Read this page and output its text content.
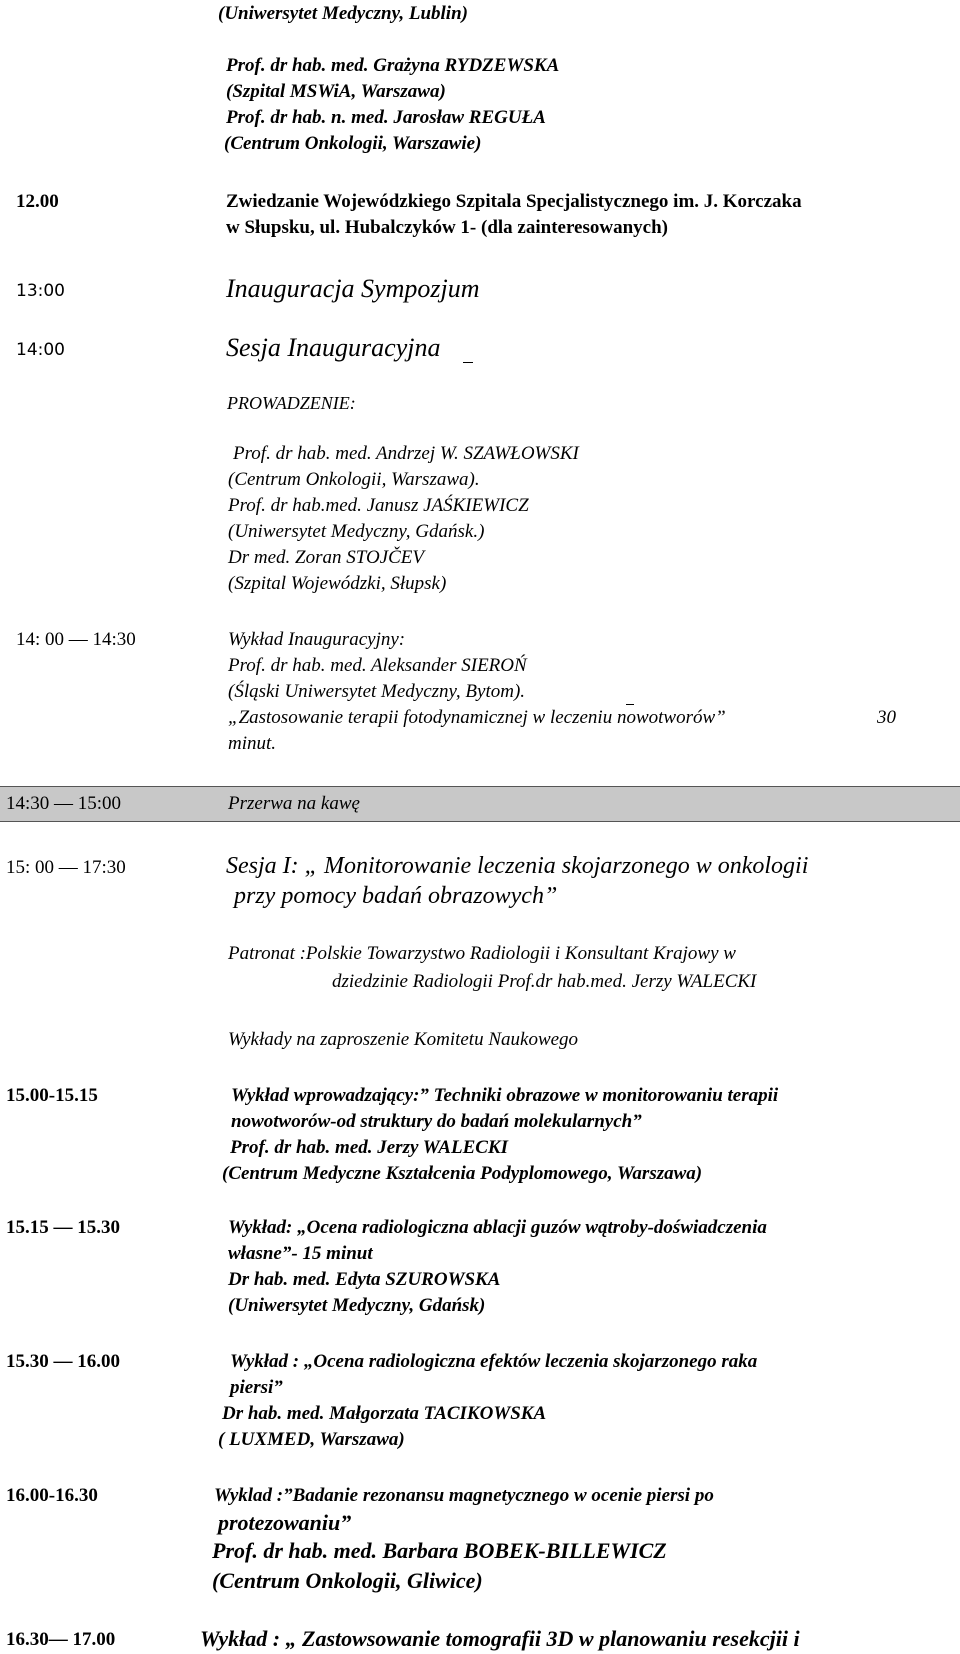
(Uniwersytet Medyczny, Lublin)
Prof. dr hab. med. Grażyna RYDZEWSKA
(Szpital MSWiA, Warszawa)
Prof. dr hab. n. med. Jarosław REGUŁA
(Centrum Onkologii, Warszawie)
12.00	Zwiedzanie Wojewódzkiego Szpitala Specjalistycznego im. J. Korczaka
w Słupsku, ul. Hubalczyków 1- (dla zainteresowanych)
13:00	Inauguracja Sympozjum
14:00	Sesja Inauguracyjna
PROWADZENIE:
Prof. dr hab. med. Andrzej W. SZAWŁOWSKI
(Centrum Onkologii, Warszawa).
Prof. dr hab.med. Janusz JAŚKIEWICZ
(Uniwersytet Medyczny, Gdańsk.)
Dr med. Zoran STOJČEV
(Szpital Wojewódzki, Słupsk)
14: 00 — 14:30	Wykład Inauguracyjny:
Prof. dr hab. med. Aleksander SIEROŃ
(Śląski Uniwersytet Medyczny, Bytom).
„Zastosowanie terapii fotodynamicznej w leczeniu nowotworów”	30
minut.
14:30 — 15:00	Przerwa na kawę
15: 00 — 17:30	Sesja I: „ Monitorowanie leczenia skojarzonego w onkologii
przy pomocy badań obrazowych”
Patronat :Polskie Towarzystwo Radiologii i Konsultant Krajowy w
dziedzinie Radiologii Prof.dr hab.med. Jerzy WALECKI
Wykłady na zaproszenie Komitetu Naukowego
15.00-15.15	Wykład wprowadzający:” Techniki obrazowe w monitorowaniu terapii
nowotworów-od struktury do badań molekularnych”
Prof. dr hab. med. Jerzy WALECKI
(Centrum Medyczne Kształcenia Podyplomowego, Warszawa)
15.15 — 15.30	Wykład: „Ocena radiologiczna ablacji guzów wątroby-doświadczenia
własne”- 15 minut
Dr hab. med. Edyta SZUROWSKA
(Uniwersytet Medyczny, Gdańsk)
15.30 — 16.00	Wykład : „Ocena radiologiczna efektów leczenia skojarzonego raka
piersi”
Dr hab. med. Małgorzata TACIKOWSKA
( LUXMED, Warszawa)
16.00-16.30	Wyklad :”Badanie rezonansu magnetycznego w ocenie piersi po
protezowaniu”
Prof. dr hab. med. Barbara BOBEK-BILLEWICZ
(Centrum Onkologii, Gliwice)
16.30— 17.00	Wykład : „ Zastowsowanie tomografii 3D w planowaniu resekcjii i
